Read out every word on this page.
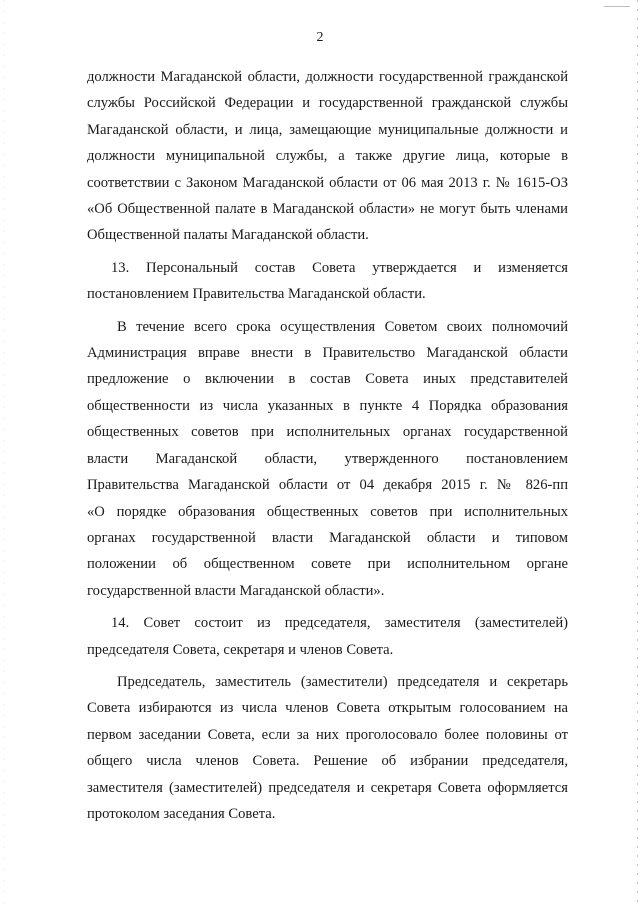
2
должности Магаданской области, должности государственной гражданской
службы Российской Федерации и государственной гражданской службы
Магаданской области, и лица, замещающие муниципальные должности и
должности муниципальной службы, а также другие лица, которые в
соответствии с Законом Магаданской области от 06 мая 2013 г. № 1615-ОЗ
«Об Общественной палате в Магаданской области» не могут быть членами
Общественной палаты Магаданской области.
13. Персональный состав Совета утверждается и изменяется
постановлением Правительства Магаданской области.
В течение всего срока осуществления Советом своих полномочий
Администрация вправе внести в Правительство Магаданской области
предложение о включении в состав Совета иных представителей
общественности из числа указанных в пункте 4 Порядка образования
общественных советов при исполнительных органах государственной
власти Магаданской области, утвержденного постановлением
Правительства Магаданской области от 04 декабря 2015 г. № 826-пп
«О порядке образования общественных советов при исполнительных
органах государственной власти Магаданской области и типовом
положении об общественном совете при исполнительном органе
государственной власти Магаданской области».
14. Совет состоит из председателя, заместителя (заместителей)
председателя Совета, секретаря и членов Совета.
Председатель, заместитель (заместители) председателя и секретарь
Совета избираются из числа членов Совета открытым голосованием на
первом заседании Совета, если за них проголосовало более половины от
общего числа членов Совета. Решение об избрании председателя,
заместителя (заместителей) председателя и секретаря Совета оформляется
протоколом заседания Совета.
